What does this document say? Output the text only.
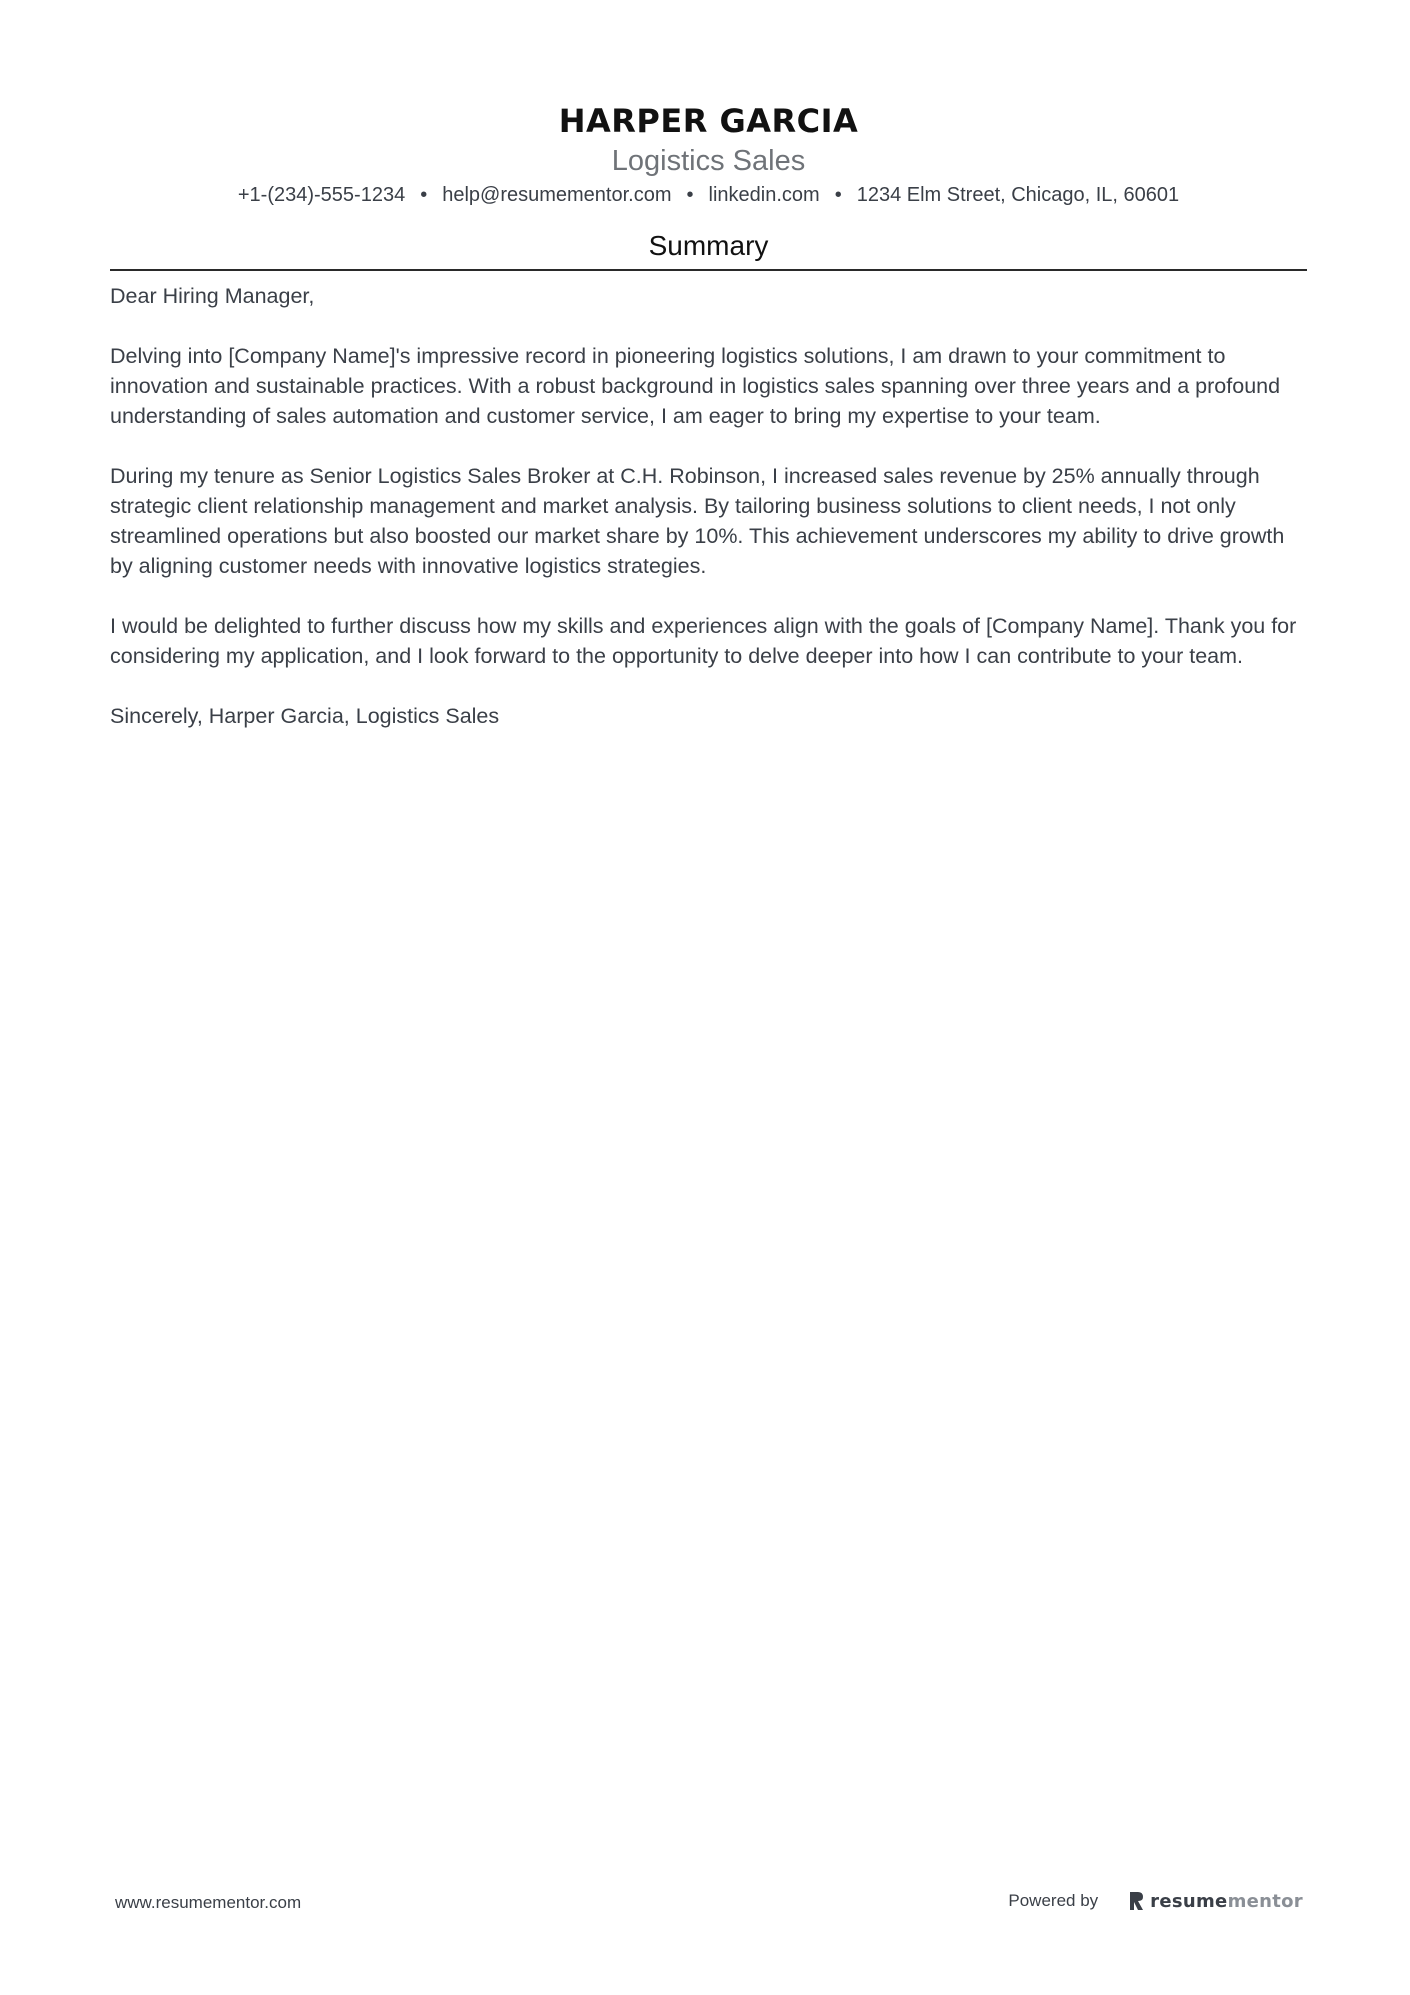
HARPER GARCIA
Logistics Sales
+1-(234)-555-1234 • help@resumementor.com • linkedin.com • 1234 Elm Street, Chicago, IL, 60601
Summary

Dear Hiring Manager,

Delving into [Company Name]'s impressive record in pioneering logistics solutions, I am drawn to your commitment to innovation and sustainable practices. With a robust background in logistics sales spanning over three years and a profound understanding of sales automation and customer service, I am eager to bring my expertise to your team.

During my tenure as Senior Logistics Sales Broker at C.H. Robinson, I increased sales revenue by 25% annually through strategic client relationship management and market analysis. By tailoring business solutions to client needs, I not only streamlined operations but also boosted our market share by 10%. This achievement underscores my ability to drive growth by aligning customer needs with innovative logistics strategies.

I would be delighted to further discuss how my skills and experiences align with the goals of [Company Name]. Thank you for considering my application, and I look forward to the opportunity to delve deeper into how I can contribute to your team.

Sincerely, Harper Garcia, Logistics Sales

www.resumementor.com	Powered by	resumementor
